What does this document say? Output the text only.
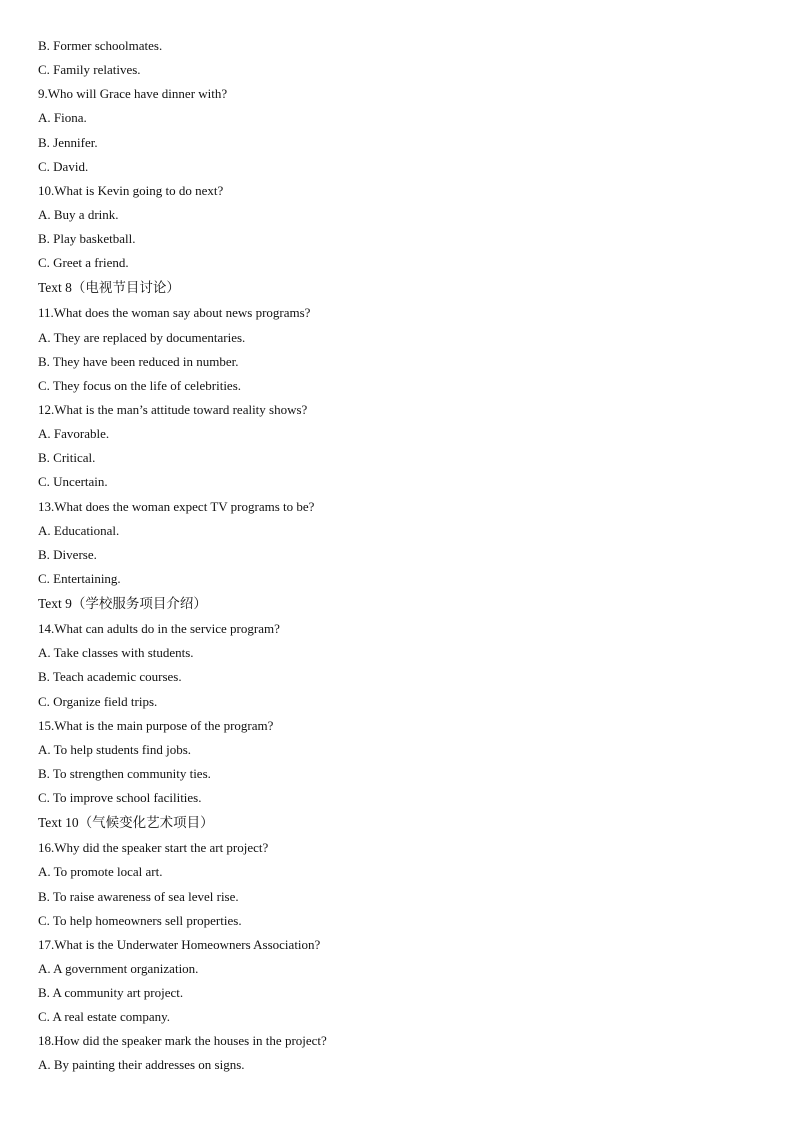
B. Former schoolmates.
C. Family relatives.
9.Who will Grace have dinner with?
A. Fiona.
B. Jennifer.
C. David.
10.What is Kevin going to do next?
A. Buy a drink.
B. Play basketball.
C. Greet a friend.
Text 8（电视节目讨论）
11.What does the woman say about news programs?
A. They are replaced by documentaries.
B. They have been reduced in number.
C. They focus on the life of celebrities.
12.What is the man’s attitude toward reality shows?
A. Favorable.
B. Critical.
C. Uncertain.
13.What does the woman expect TV programs to be?
A. Educational.
B. Diverse.
C. Entertaining.
Text 9（学校服务项目介绍）
14.What can adults do in the service program?
A. Take classes with students.
B. Teach academic courses.
C. Organize field trips.
15.What is the main purpose of the program?
A. To help students find jobs.
B. To strengthen community ties.
C. To improve school facilities.
Text 10（气候变化艺术项目）
16.Why did the speaker start the art project?
A. To promote local art.
B. To raise awareness of sea level rise.
C. To help homeowners sell properties.
17.What is the Underwater Homeowners Association?
A. A government organization.
B. A community art project.
C. A real estate company.
18.How did the speaker mark the houses in the project?
A. By painting their addresses on signs.
